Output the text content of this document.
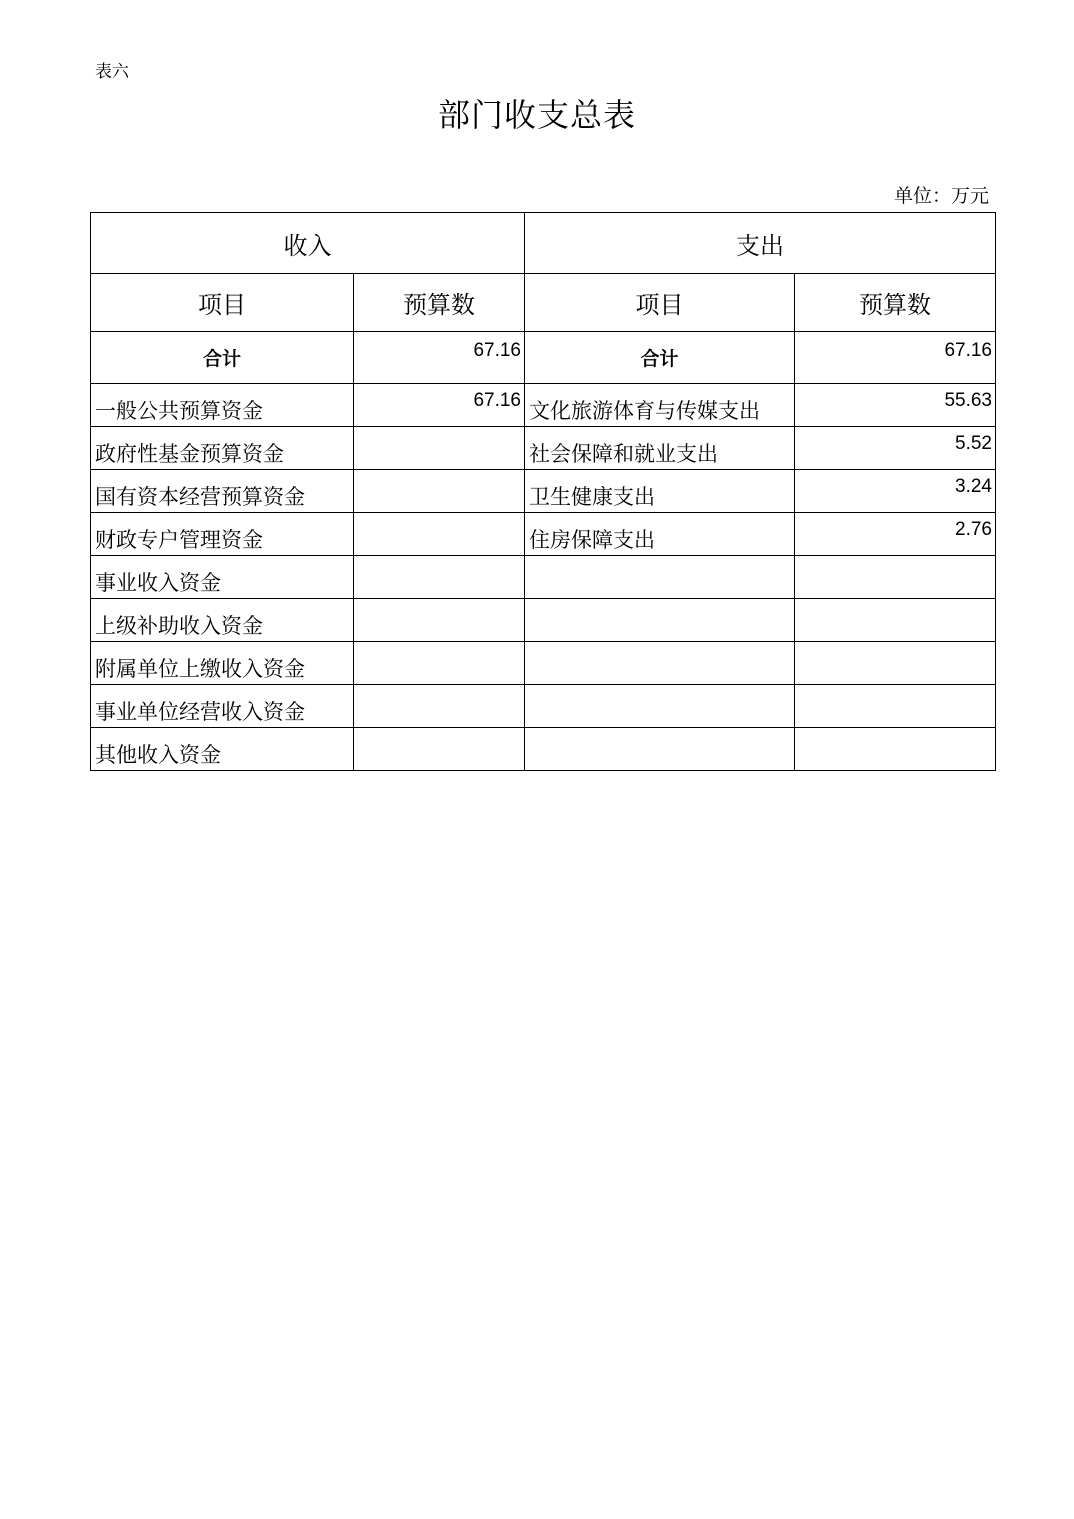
表六
部门收支总表
单位：万元
收入		支出	
项目	预算数	项目	预算数
合计	67.16	合计	67.16
一般公共预算资金	67.16	文化旅游体育与传媒支出	55.63
政府性基金预算资金		社会保障和就业支出	5.52
国有资本经营预算资金		卫生健康支出	3.24
财政专户管理资金		住房保障支出	2.76
事业收入资金			
上级补助收入资金			
附属单位上缴收入资金			
事业单位经营收入资金			
其他收入资金			
